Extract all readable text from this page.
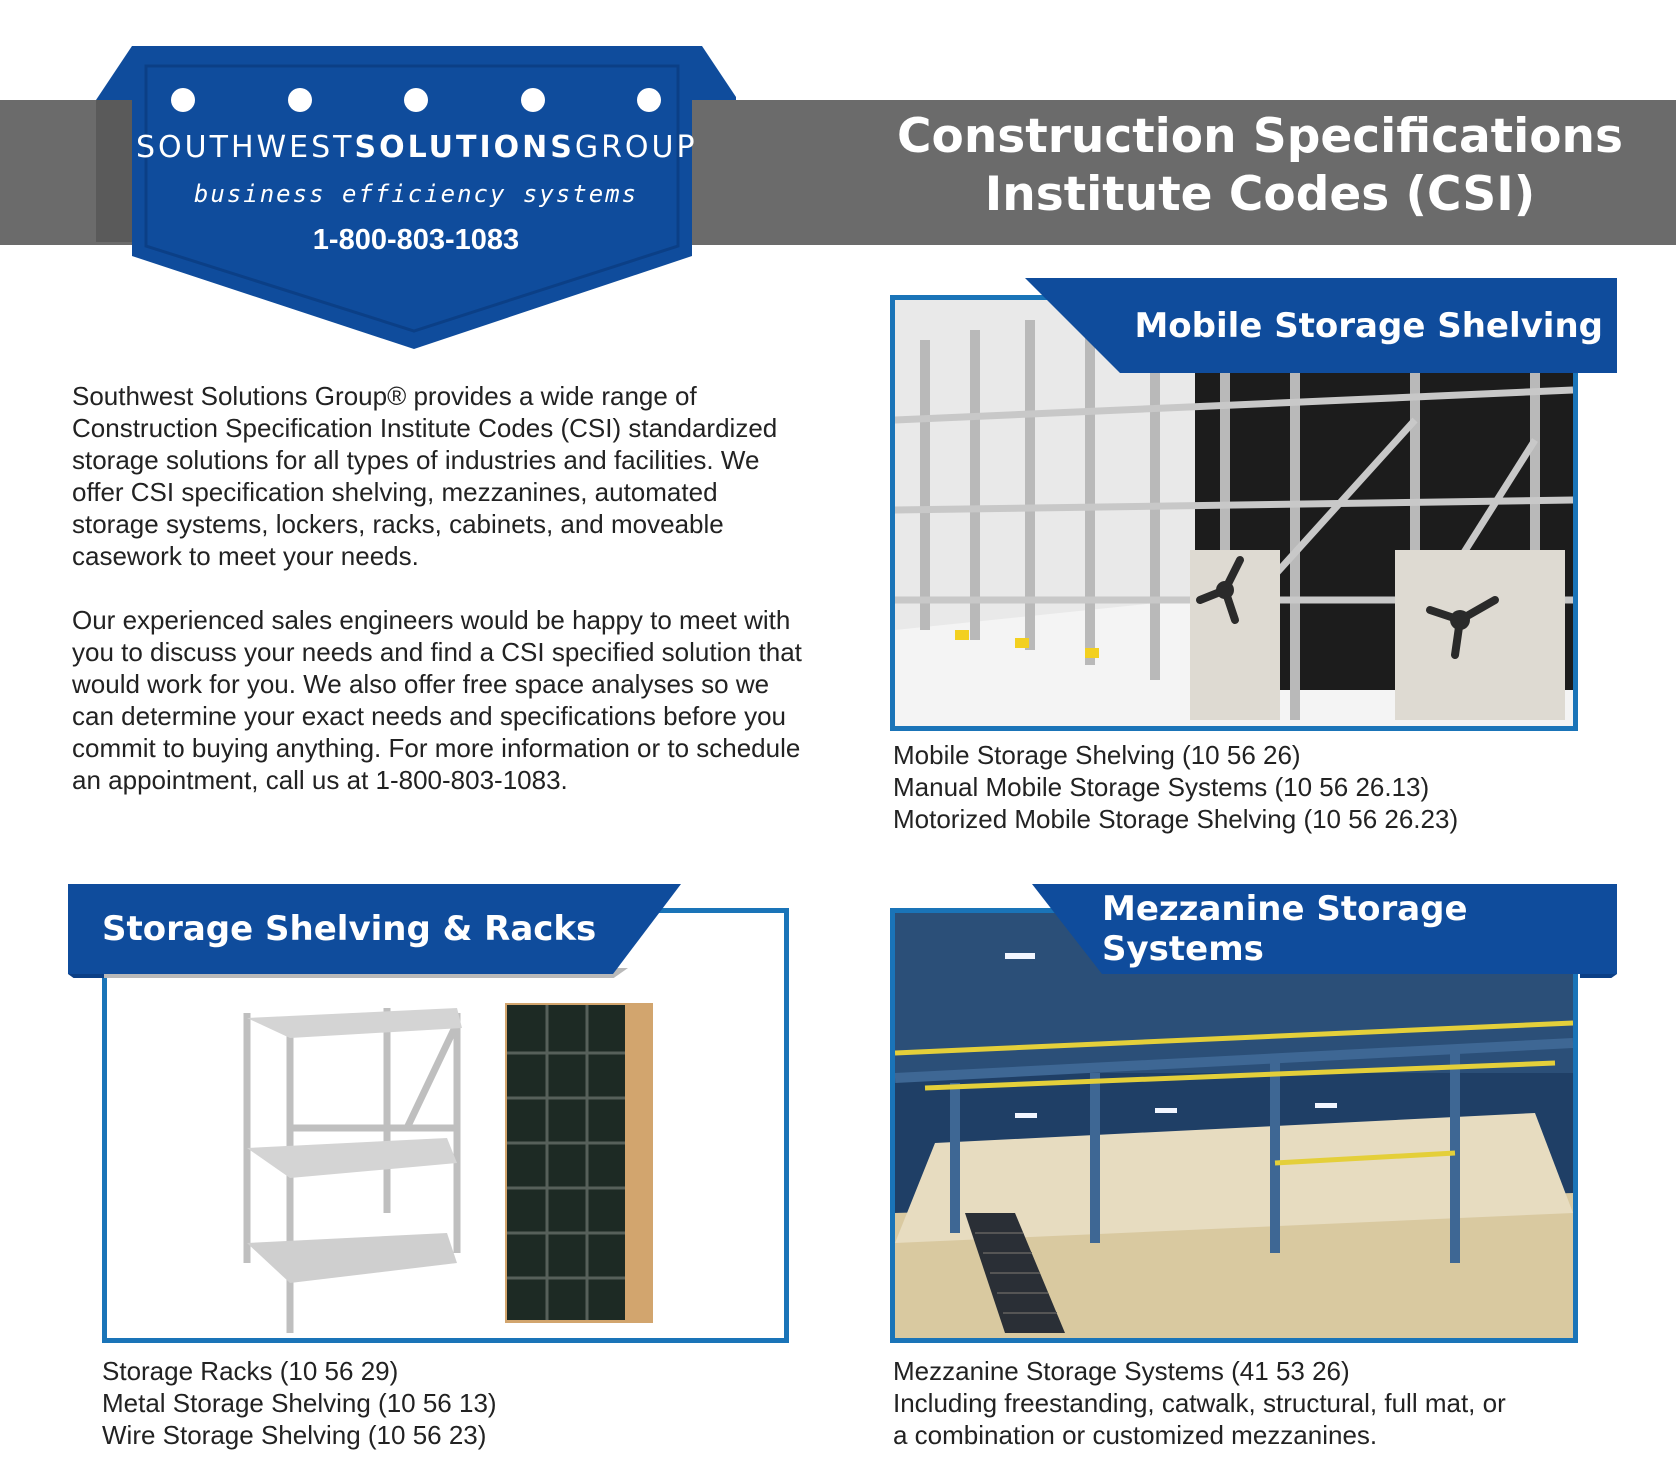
Construction Specifications
Institute Codes (CSI)
SOUTHWESTSOLUTIONSGROUP
business efficiency systems
1-800-803-1083

Southwest Solutions Group® provides a wide range of Construction Specification Institute Codes (CSI) standardized storage solutions for all types of industries and facilities. We offer CSI specification shelving, mezzanines, automated storage systems, lockers, racks, cabinets, and moveable casework to meet your needs.

Our experienced sales engineers would be happy to meet with you to discuss your needs and find a CSI specified solution that would work for you. We also offer free space analyses so we can determine your exact needs and specifications before you commit to buying anything. For more information or to schedule an appointment, call us at 1-800-803-1083.

Mobile Storage Shelving
Mobile Storage Shelving (10 56 26)
Manual Mobile Storage Systems (10 56 26.13)
Motorized Mobile Storage Shelving (10 56 26.23)
Storage Shelving & Racks
Storage Racks (10 56 29)
Metal Storage Shelving (10 56 13)
Wire Storage Shelving (10 56 23)
Mezzanine Storage Systems
Mezzanine Storage Systems (41 53 26)
Including freestanding, catwalk, structural, full mat, or
a combination or customized mezzanines.
